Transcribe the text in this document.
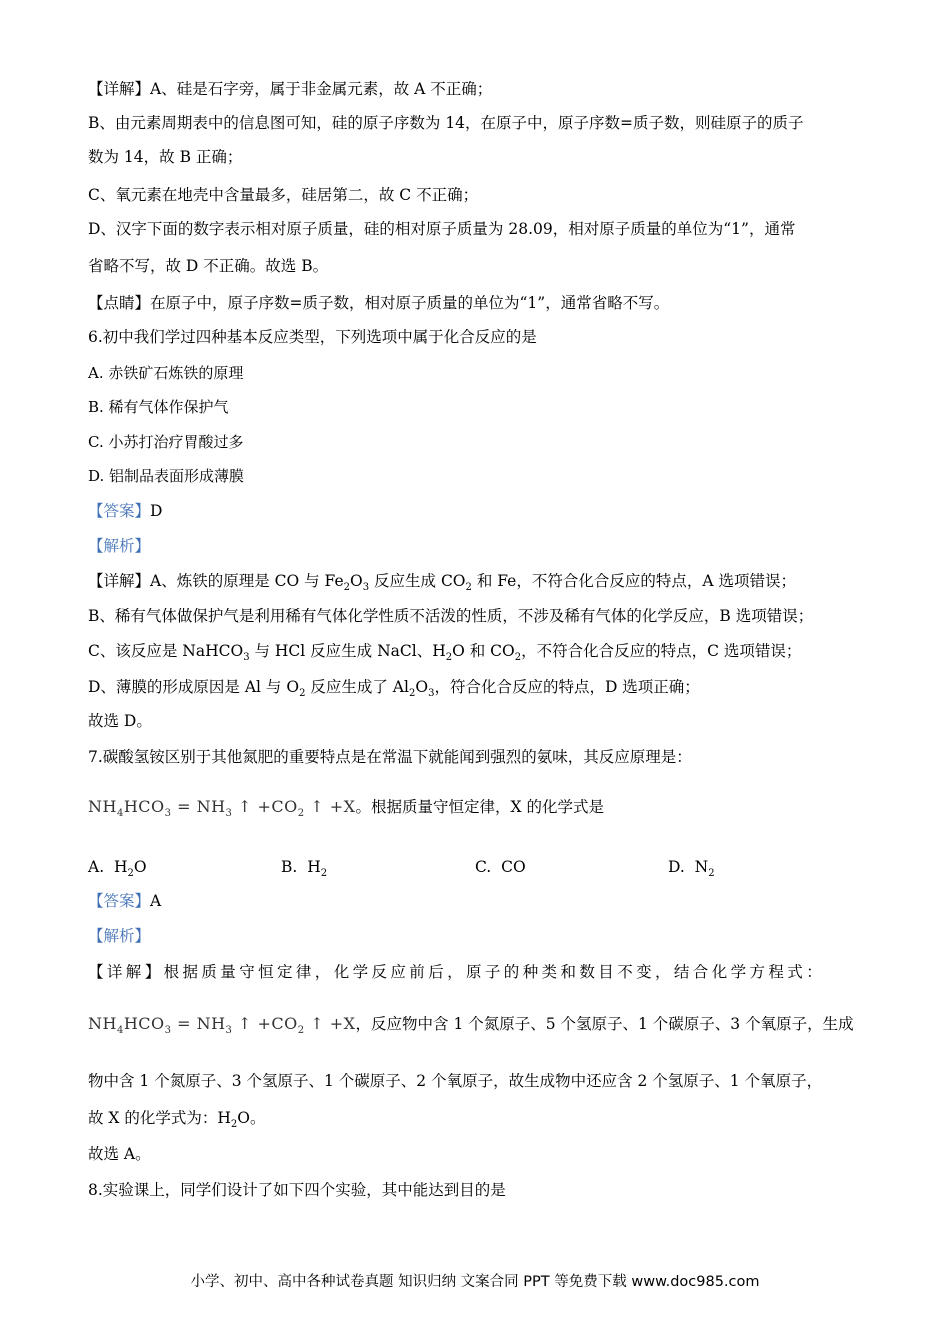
【详解】A、硅是石字旁，属于非金属元素，故 A 不正确；
B、由元素周期表中的信息图可知，硅的原子序数为 14，在原子中，原子序数=质子数，则硅原子的质子
数为 14，故 B 正确；
C、氧元素在地壳中含量最多，硅居第二，故 C 不正确；
D、汉字下面的数字表示相对原子质量，硅的相对原子质量为 28.09，相对原子质量的单位为“1”，通常
省略不写，故 D 不正确。故选 B。
【点睛】在原子中，原子序数=质子数，相对原子质量的单位为“1”，通常省略不写。
6.初中我们学过四种基本反应类型，下列选项中属于化合反应的是
A. 赤铁矿石炼铁的原理
B. 稀有气体作保护气
C. 小苏打治疗胃酸过多
D. 铝制品表面形成薄膜
【答案】D
【解析】
【详解】A、炼铁的原理是 CO 与 $Fe_2O_3$ 反应生成 $CO_2$ 和 Fe，不符合化合反应的特点，A 选项错误；
B、稀有气体做保护气是利用稀有气体化学性质不活泼的性质，不涉及稀有气体的化学反应，B 选项错误；
C、该反应是 NaHCO$_3$ 与 HCl 反应生成 NaCl、$H_2O$ 和 $CO_2$，不符合化合反应的特点，C 选项错误；
D、薄膜的形成原因是 Al 与 $O_2$ 反应生成了 $Al_2O_3$，符合化合反应的特点，D 选项正确；
故选 D。
7.碳酸氢铵区别于其他氮肥的重要特点是在常温下就能闻到强烈的氨味，其反应原理是：
$NH_4HCO_3 = NH_3$ ↑ $+CO_2$ ↑ +X。根据质量守恒定律，X 的化学式是
A. $H_2O$	B. $H_2$	C. CO	D. $N_2$
【答案】A
【解析】
【详解】根据质量守恒定律，化学反应前后，原子的种类和数目不变，结合化学方程式：
$NH_4HCO_3 = NH_3$ ↑ $+CO_2$ ↑ +X，反应物中含 1 个氮原子、5 个氢原子、1 个碳原子、3 个氧原子，生成
物中含 1 个氮原子、3 个氢原子、1 个碳原子、2 个氧原子，故生成物中还应含 2 个氢原子、1 个氧原子，
故 X 的化学式为：$H_2O$。
故选 A。
8.实验课上，同学们设计了如下四个实验，其中能达到目的是
小学、初中、高中各种试卷真题 知识归纳 文案合同 PPT 等免费下载 www.doc985.com
